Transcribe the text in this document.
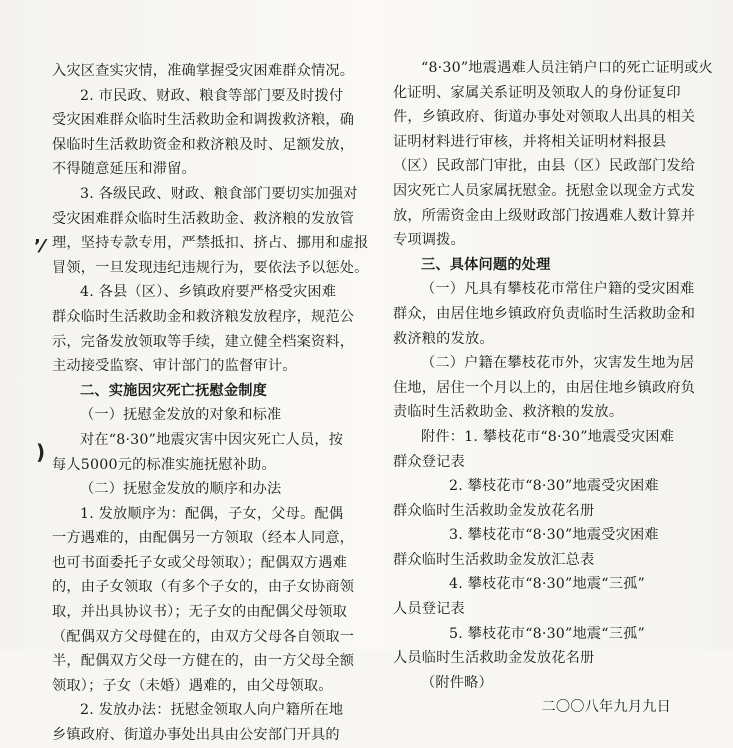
入灾区查实灾情，准确掌握受灾困难群众情况。
2. 市民政、财政、粮食等部门要及时拨付
受灾困难群众临时生活救助金和调拨救济粮，确
保临时生活救助资金和救济粮及时、足额发放，
不得随意延压和滞留。
3. 各级民政、财政、粮食部门要切实加强对
受灾困难群众临时生活救助金、救济粮的发放管
理，坚持专款专用，严禁抵扣、挤占、挪用和虚报
冒领，一旦发现违纪违规行为，要依法予以惩处。
4. 各县（区）、乡镇政府要严格受灾困难
群众临时生活救助金和救济粮发放程序，规范公
示，完备发放领取等手续，建立健全档案资料，
主动接受监察、审计部门的监督审计。
二、实施因灾死亡抚慰金制度
（一）抚慰金发放的对象和标准
对在“8·30”地震灾害中因灾死亡人员，按
每人5000元的标准实施抚慰补助。
（二）抚慰金发放的顺序和办法
1. 发放顺序为：配偶，子女，父母。配偶
一方遇难的，由配偶另一方领取（经本人同意，
也可书面委托子女或父母领取）；配偶双方遇难
的，由子女领取（有多个子女的，由子女协商领
取，并出具协议书）；无子女的由配偶父母领取
（配偶双方父母健在的，由双方父母各自领取一
半，配偶双方父母一方健在的，由一方父母全额
领取）；子女（未婚）遇难的，由父母领取。
2. 发放办法：抚慰金领取人向户籍所在地
乡镇政府、街道办事处出具由公安部门开具的
“8·30”地震遇难人员注销户口的死亡证明或火
化证明、家属关系证明及领取人的身份证复印
件，乡镇政府、街道办事处对领取人出具的相关
证明材料进行审核，并将相关证明材料报县
（区）民政部门审批，由县（区）民政部门发给
因灾死亡人员家属抚慰金。抚慰金以现金方式发
放，所需资金由上级财政部门按遇难人数计算并
专项调拨。
三、具体问题的处理
（一）凡具有攀枝花市常住户籍的受灾困难
群众，由居住地乡镇政府负责临时生活救助金和
救济粮的发放。
（二）户籍在攀枝花市外，灾害发生地为居
住地，居住一个月以上的，由居住地乡镇政府负
责临时生活救助金、救济粮的发放。
附件：1. 攀枝花市“8·30”地震受灾困难
群众登记表
2. 攀枝花市“8·30”地震受灾困难
群众临时生活救助金发放花名册
3. 攀枝花市“8·30”地震受灾困难
群众临时生活救助金发放汇总表
4. 攀枝花市“8·30”地震“三孤”
人员登记表
5. 攀枝花市“8·30”地震“三孤”
人员临时生活救助金发放花名册
（附件略）
二〇〇八年九月九日
’⁄
)
